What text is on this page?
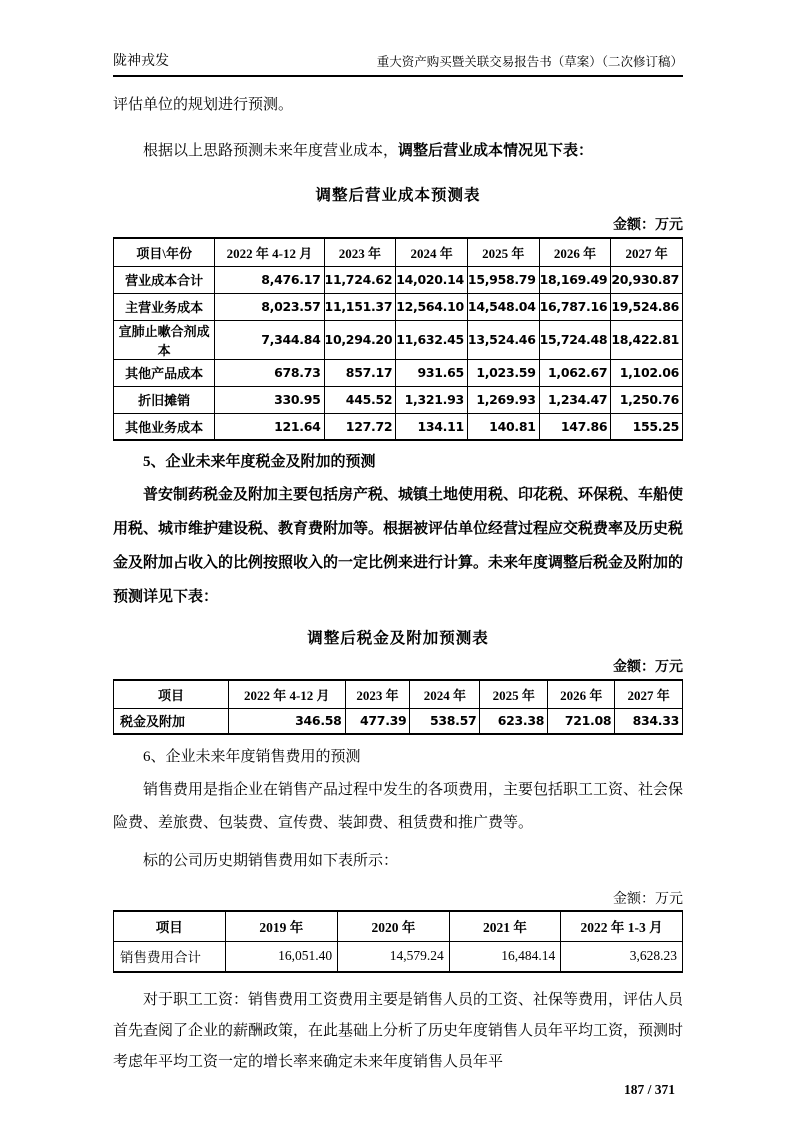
陇神戎发	重大资产购买暨关联交易报告书（草案）（二次修订稿）

评估单位的规划进行预测。

根据以上思路预测未来年度营业成本，调整后营业成本情况见下表：

调整后营业成本预测表
金额：万元
项目\年份	2022 年 4-12 月	2023 年	2024 年	2025 年	2026 年	2027 年
营业成本合计	8,476.17	11,724.62	14,020.14	15,958.79	18,169.49	20,930.87
主营业务成本	8,023.57	11,151.37	12,564.10	14,548.04	16,787.16	19,524.86
宣肺止嗽合剂成本	7,344.84	10,294.20	11,632.45	13,524.46	15,724.48	18,422.81
其他产品成本	678.73	857.17	931.65	1,023.59	1,062.67	1,102.06
折旧摊销	330.95	445.52	1,321.93	1,269.93	1,234.47	1,250.76
其他业务成本	121.64	127.72	134.11	140.81	147.86	155.25

5、企业未来年度税金及附加的预测

普安制药税金及附加主要包括房产税、城镇土地使用税、印花税、环保税、车船使用税、城市维护建设税、教育费附加等。根据被评估单位经营过程应交税费率及历史税金及附加占收入的比例按照收入的一定比例来进行计算。未来年度调整后税金及附加的预测详见下表：

调整后税金及附加预测表
金额：万元
项目	2022 年 4-12 月	2023 年	2024 年	2025 年	2026 年	2027 年
税金及附加	346.58	477.39	538.57	623.38	721.08	834.33

6、企业未来年度销售费用的预测

销售费用是指企业在销售产品过程中发生的各项费用，主要包括职工工资、社会保险费、差旅费、包装费、宣传费、装卸费、租赁费和推广费等。

标的公司历史期销售费用如下表所示：

金额：万元
项目	2019 年	2020 年	2021 年	2022 年 1-3 月
销售费用合计	16,051.40	14,579.24	16,484.14	3,628.23

对于职工工资：销售费用工资费用主要是销售人员的工资、社保等费用，评估人员首先查阅了企业的薪酬政策，在此基础上分析了历史年度销售人员年平均工资，预测时考虑年平均工资一定的增长率来确定未来年度销售人员年平

187 / 371
